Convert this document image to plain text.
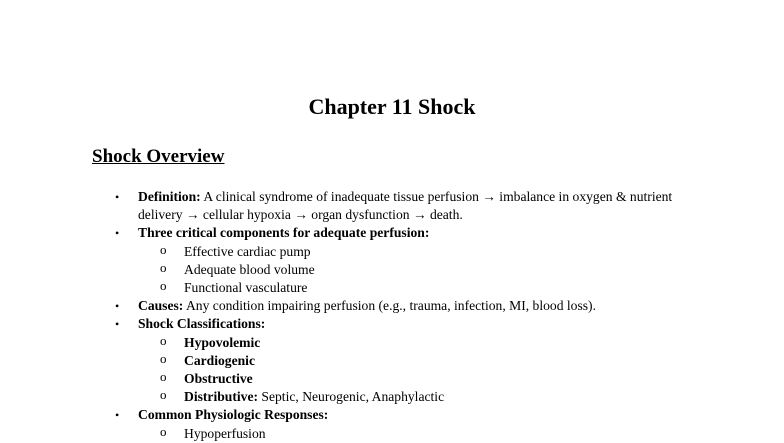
Chapter 11 Shock
Shock Overview
• Definition: A clinical syndrome of inadequate tissue perfusion → imbalance in oxygen & nutrient delivery → cellular hypoxia → organ dysfunction → death.
• Three critical components for adequate perfusion:
o Effective cardiac pump
o Adequate blood volume
o Functional vasculature
• Causes: Any condition impairing perfusion (e.g., trauma, infection, MI, blood loss).
• Shock Classifications:
o Hypovolemic
o Cardiogenic
o Obstructive
o Distributive: Septic, Neurogenic, Anaphylactic
• Common Physiologic Responses:
o Hypoperfusion
